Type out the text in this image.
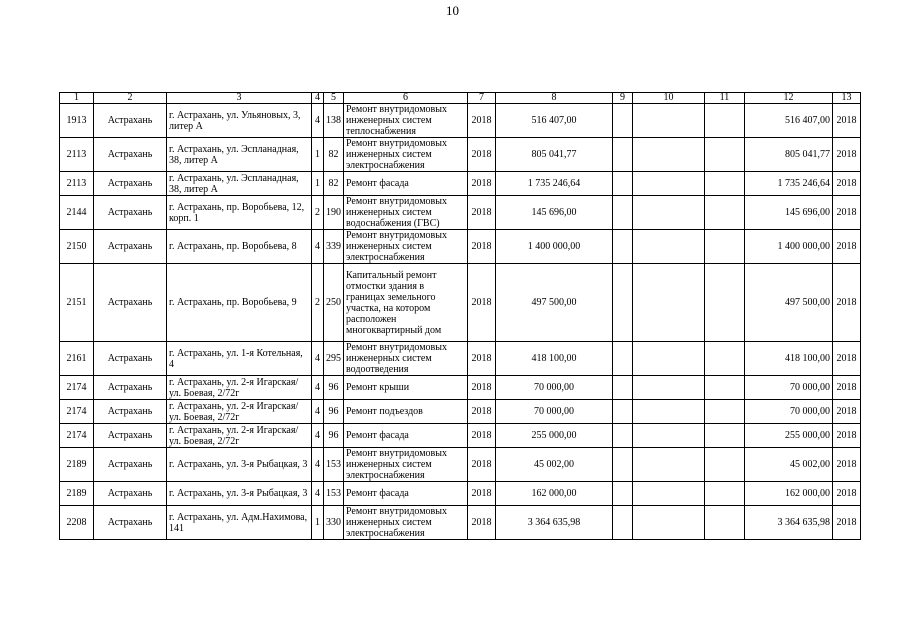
10
1	2	3	4	5	6	7	8	9	10	11	12	13
1913	Астрахань	г. Астрахань, ул. Ульяновых, 3, литер А	4	138	Ремонт внутридомовых инженерных систем теплоснабжения	2018	516 407,00				516 407,00	2018
2113	Астрахань	г. Астрахань, ул. Эспланадная, 38, литер А	1	82	Ремонт внутридомовых инженерных систем электроснабжения	2018	805 041,77				805 041,77	2018
2113	Астрахань	г. Астрахань, ул. Эспланадная, 38, литер А	1	82	Ремонт фасада	2018	1 735 246,64				1 735 246,64	2018
2144	Астрахань	г. Астрахань, пр. Воробьева, 12, корп. 1	2	190	Ремонт внутридомовых инженерных систем водоснабжения (ГВС)	2018	145 696,00				145 696,00	2018
2150	Астрахань	г. Астрахань, пр. Воробьева, 8	4	339	Ремонт внутридомовых инженерных систем электроснабжения	2018	1 400 000,00				1 400 000,00	2018
2151	Астрахань	г. Астрахань, пр. Воробьева, 9	2	250	Капитальный ремонт отмостки здания в границах земельного участка, на котором расположен многоквартирный дом	2018	497 500,00				497 500,00	2018
2161	Астрахань	г. Астрахань, ул. 1-я Котельная, 4	4	295	Ремонт внутридомовых инженерных систем водоотведения	2018	418 100,00				418 100,00	2018
2174	Астрахань	г. Астрахань, ул. 2-я Игарская/ ул. Боевая, 2/72г	4	96	Ремонт крыши	2018	70 000,00				70 000,00	2018
2174	Астрахань	г. Астрахань, ул. 2-я Игарская/ ул. Боевая, 2/72г	4	96	Ремонт подъездов	2018	70 000,00				70 000,00	2018
2174	Астрахань	г. Астрахань, ул. 2-я Игарская/ ул. Боевая, 2/72г	4	96	Ремонт фасада	2018	255 000,00				255 000,00	2018
2189	Астрахань	г. Астрахань, ул. 3-я Рыбацкая, 3	4	153	Ремонт внутридомовых инженерных систем электроснабжения	2018	45 002,00				45 002,00	2018
2189	Астрахань	г. Астрахань, ул. 3-я Рыбацкая, 3	4	153	Ремонт фасада	2018	162 000,00				162 000,00	2018
2208	Астрахань	г. Астрахань, ул. Адм.Нахимова, 141	1	330	Ремонт внутридомовых инженерных систем электроснабжения	2018	3 364 635,98				3 364 635,98	2018
